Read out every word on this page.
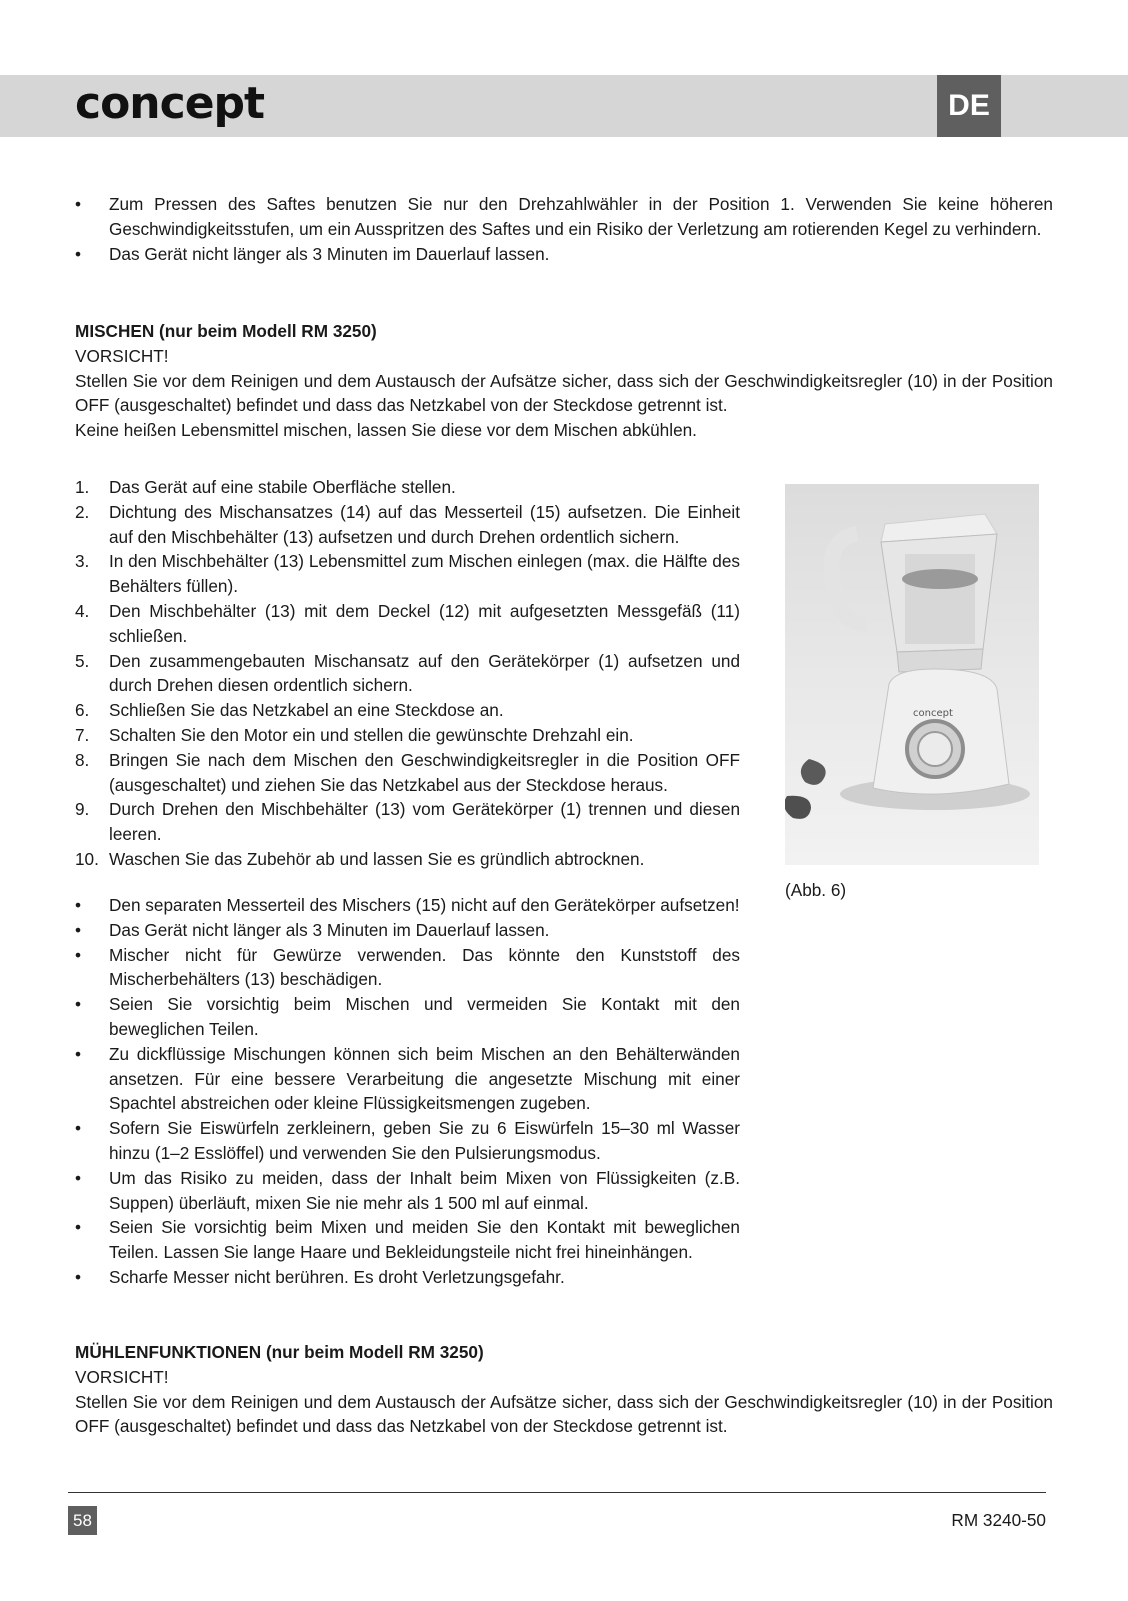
concept	DE
• Zum Pressen des Saftes benutzen Sie nur den Drehzahlwähler in der Position 1. Verwenden Sie keine höheren Geschwindigkeitsstufen, um ein Ausspritzen des Saftes und ein Risiko der Verletzung am rotierenden Kegel zu verhindern.
• Das Gerät nicht länger als 3 Minuten im Dauerlauf lassen.

MISCHEN (nur beim Modell RM 3250)

VORSICHT!

Stellen Sie vor dem Reinigen und dem Austausch der Aufsätze sicher, dass sich der Geschwindigkeitsregler (10) in der Position OFF (ausgeschaltet) befindet und dass das Netzkabel von der Steckdose getrennt ist.

Keine heißen Lebensmittel mischen, lassen Sie diese vor dem Mischen abkühlen.

1. Das Gerät auf eine stabile Oberfläche stellen.
2. Dichtung des Mischansatzes (14) auf das Messerteil (15) aufsetzen. Die Einheit auf den Mischbehälter (13) aufsetzen und durch Drehen ordentlich sichern.
3. In den Mischbehälter (13) Lebensmittel zum Mischen einlegen (max. die Hälfte des Behälters füllen).
4. Den Mischbehälter (13) mit dem Deckel (12) mit aufgesetzten Messgefäß (11) schließen.
5. Den zusammengebauten Mischansatz auf den Gerätekörper (1) aufsetzen und durch Drehen diesen ordentlich sichern.
6. Schließen Sie das Netzkabel an eine Steckdose an.
7. Schalten Sie den Motor ein und stellen die gewünschte Drehzahl ein.
8. Bringen Sie nach dem Mischen den Geschwindigkeitsregler in die Position OFF (ausgeschaltet) und ziehen Sie das Netzkabel aus der Steckdose heraus.
9. Durch Drehen den Mischbehälter (13) vom Gerätekörper (1) trennen und diesen leeren.
10. Waschen Sie das Zubehör ab und lassen Sie es gründlich abtrocknen.
• Den separaten Messerteil des Mischers (15) nicht auf den Gerätekörper aufsetzen!
• Das Gerät nicht länger als 3 Minuten im Dauerlauf lassen.
• Mischer nicht für Gewürze verwenden. Das könnte den Kunststoff des Mischerbehälters (13) beschädigen.
• Seien Sie vorsichtig beim Mischen und vermeiden Sie Kontakt mit den beweglichen Teilen.
• Zu dickflüssige Mischungen können sich beim Mischen an den Behälterwänden ansetzen. Für eine bessere Verarbeitung die angesetzte Mischung mit einer Spachtel abstreichen oder kleine Flüssigkeitsmengen zugeben.
• Sofern Sie Eiswürfeln zerkleinern, geben Sie zu 6 Eiswürfeln 15–30 ml Wasser hinzu (1–2 Esslöffel) und verwenden Sie den Pulsierungsmodus.
• Um das Risiko zu meiden, dass der Inhalt beim Mixen von Flüssigkeiten (z.B. Suppen) überläuft, mixen Sie nie mehr als 1 500 ml auf einmal.
• Seien Sie vorsichtig beim Mixen und meiden Sie den Kontakt mit beweglichen Teilen. Lassen Sie lange Haare und Bekleidungsteile nicht frei hineinhängen.
• Scharfe Messer nicht berühren. Es droht Verletzungsgefahr.
concept
(Abb. 6)

MÜHLENFUNKTIONEN (nur beim Modell RM 3250)

VORSICHT!

Stellen Sie vor dem Reinigen und dem Austausch der Aufsätze sicher, dass sich der Geschwindigkeitsregler (10) in der Position OFF (ausgeschaltet) befindet und dass das Netzkabel von der Steckdose getrennt ist.

58	RM 3240-50
